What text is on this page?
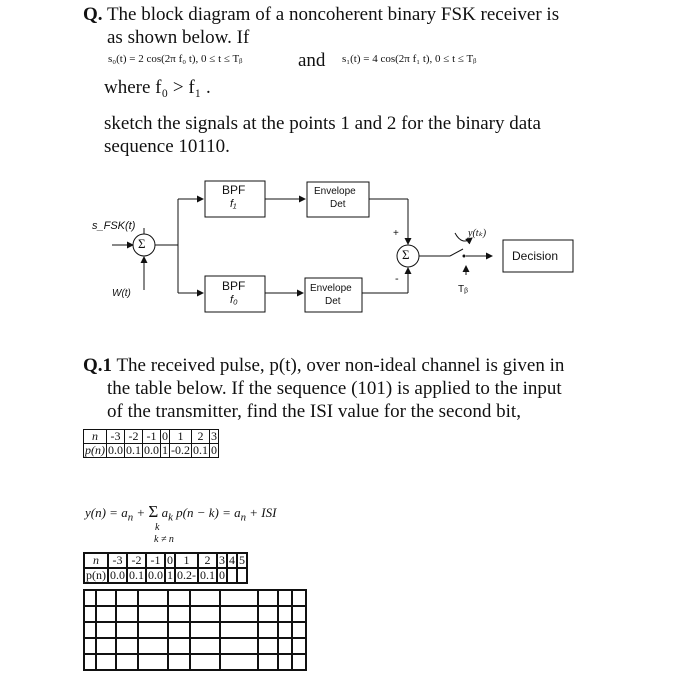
Q. The block diagram of a noncoherent binary FSK receiver is
as shown below. If
s₀(t) = 2 cos(2π f₀ t), 0 ≤ t ≤ Tᵦ	and s₁(t) = 4 cos(2π f₁ t), 0 ≤ t ≤ Tᵦ
where f₀ > f₁ .
sketch the signals at the points 1 and 2 for the binary data
sequence 10110.
BPF
f₁
BPF
f₀
Envelope
Det
Envelope
Det
s_FSK(t)
W(t)
Σ
Σ
+
-
y(tₖ)
Tᵦ
Decision
Q.1 The received pulse, p(t), over non-ideal channel is given in
the table below. If the sequence (101) is applied to the input
of the transmitter, find the ISI value for the second bit,
n	-3	-2	-1	0	1	2	3
p(n)	0.0	0.1	0.0	1	-0.2	0.1	0
$y(n) = a_n + \Sigma$ $a_k$ $p(n - k) = a_n$ + ISI
k
k ≠ n
n	-3	-2	-1	0	1	2	3	4	5
p(n)	0.0	0.1	0.0	1	0.2-	0.1	0		
